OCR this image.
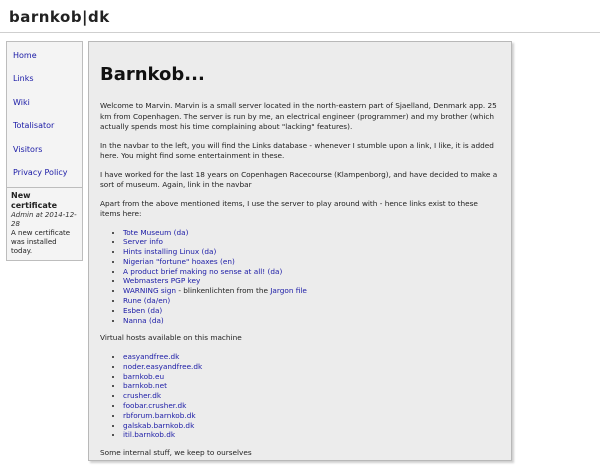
barnkob|dk
Home
Links
Wiki
Totalisator
Visitors
Privacy Policy
New certificate
Admin at 2014-12-28
A new certificate was installed today.
Barnkob...

Welcome to Marvin. Marvin is a small server located in the north-eastern part of Sjaelland, Denmark app. 25 km from Copenhagen. The server is run by me, an electrical engineer (programmer) and my brother (which actually spends most his time complaining about "lacking" features).

In the navbar to the left, you will find the Links database - whenever I stumble upon a link, I like, it is added here. You might find some entertainment in these.

I have worked for the last 18 years on Copenhagen Racecourse (Klampenborg), and have decided to make a sort of museum. Again, link in the navbar

Apart from the above mentioned items, I use the server to play around with - hence links exist to these items here:

• Tote Museum (da)
• Server info
• Hints installing Linux (da)
• Nigerian "fortune" hoaxes (en)
• A product brief making no sense at all! (da)
• Webmasters PGP key
• WARNING sign - blinkenlichten from the Jargon file
• Rune (da/en)
• Esben (da)
• Nanna (da)

Virtual hosts available on this machine

• easyandfree.dk
• noder.easyandfree.dk
• barnkob.eu
• barnkob.net
• crusher.dk
• foobar.crusher.dk
• rbforum.barnkob.dk
• galskab.barnkob.dk
• itil.barnkob.dk

Some internal stuff, we keep to ourselves
